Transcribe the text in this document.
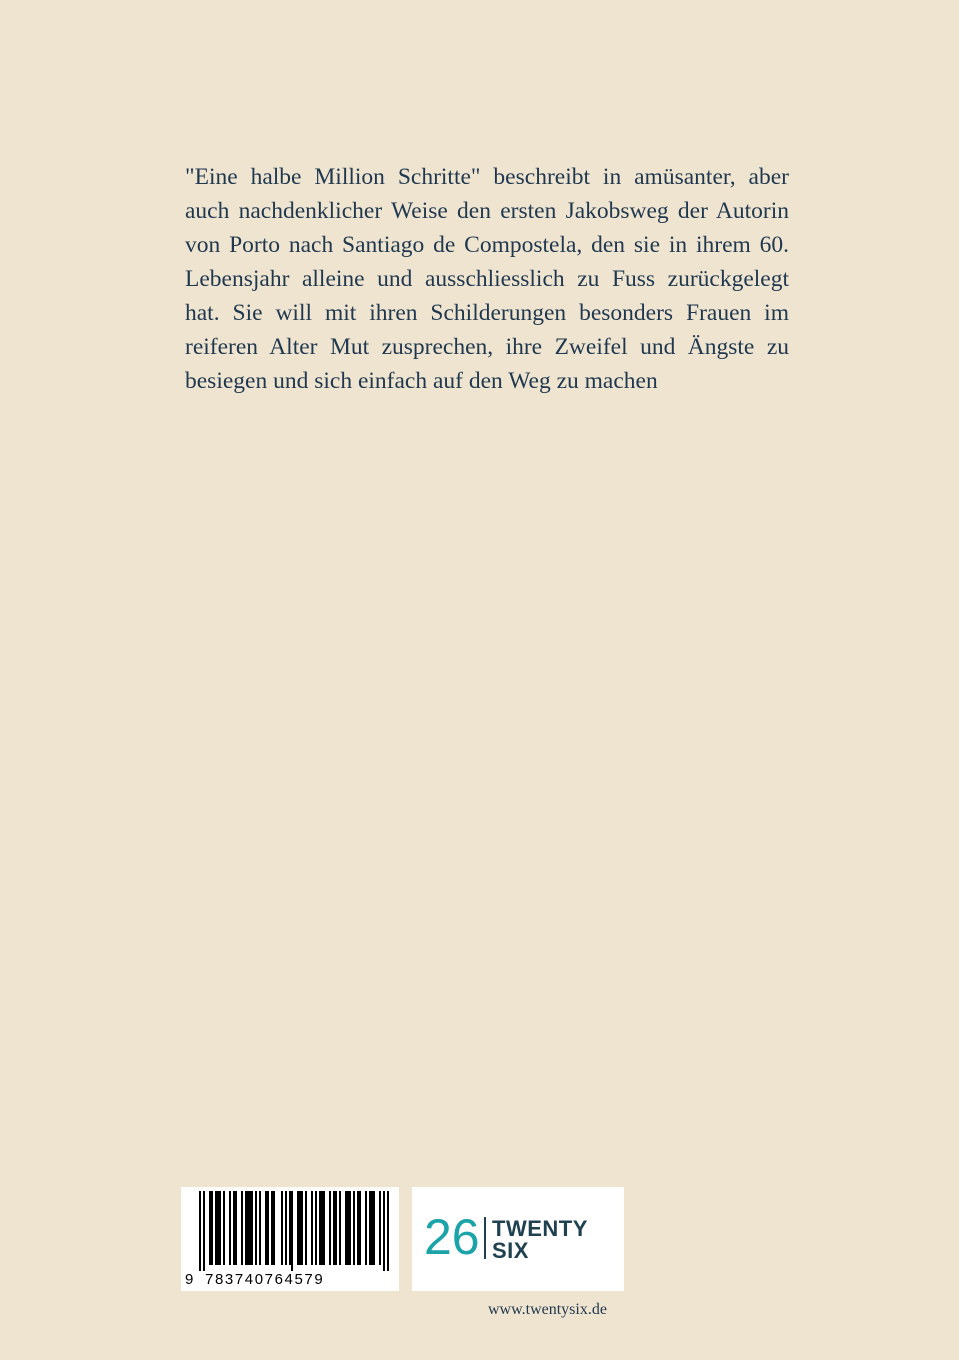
"Eine halbe Million Schritte" beschreibt in amüsanter, aber auch nachdenklicher Weise den ersten Jakobsweg der Autorin von Porto nach Santiago de Compostela, den sie in ihrem 60. Lebensjahr alleine und ausschliesslich zu Fuss zurückgelegt hat. Sie will mit ihren Schilderungen besonders Frauen im reiferen Alter Mut zusprechen, ihre Zweifel und Ängste zu besiegen und sich einfach auf den Weg zu machen

9 783740764579
26 TWENTY
SIX
www.twentysix.de
